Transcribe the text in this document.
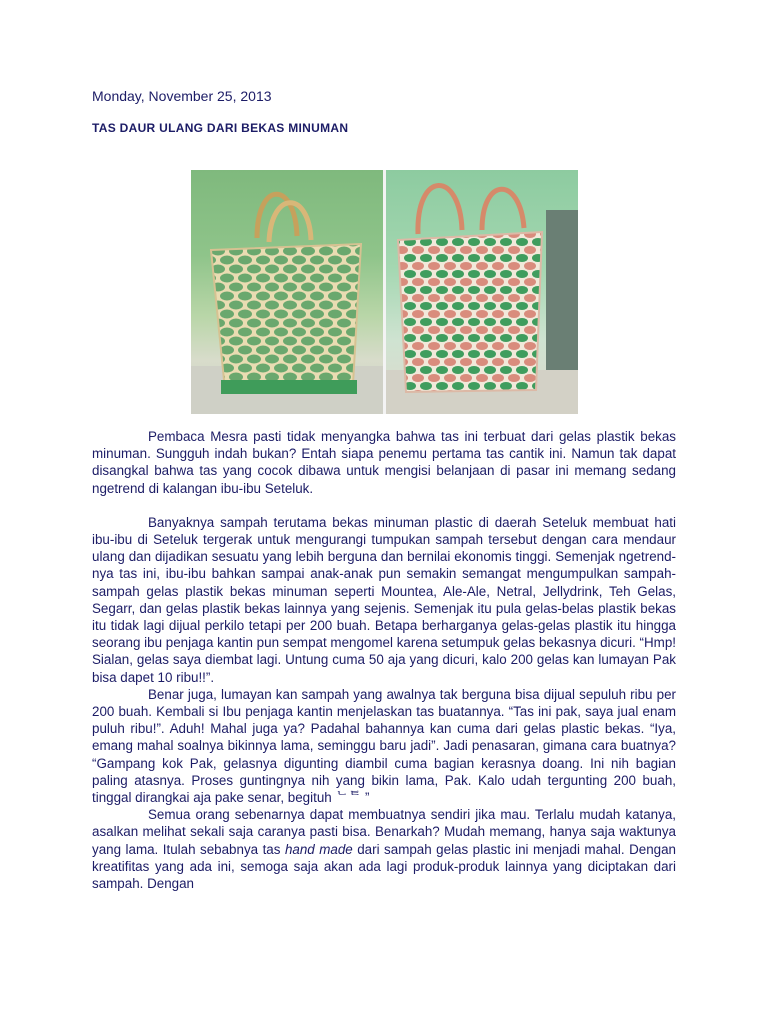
Monday, November 25, 2013
TAS DAUR ULANG DARI BEKAS MINUMAN

Pembaca Mesra pasti tidak menyangka bahwa tas ini terbuat dari gelas plastik bekas minuman. Sungguh indah bukan? Entah siapa penemu pertama tas cantik ini. Namun tak dapat disangkal bahwa tas yang cocok dibawa untuk mengisi belanjaan di pasar ini memang sedang ngetrend di kalangan ibu-ibu Seteluk.

Banyaknya sampah terutama bekas minuman plastic di daerah Seteluk membuat hati ibu-ibu di Seteluk tergerak untuk mengurangi tumpukan sampah tersebut dengan cara mendaur ulang dan dijadikan sesuatu yang lebih berguna dan bernilai ekonomis tinggi. Semenjak ngetrend-nya tas ini, ibu-ibu bahkan sampai anak-anak pun semakin semangat mengumpulkan sampah-sampah gelas plastik bekas minuman seperti Mountea, Ale-Ale, Netral, Jellydrink, Teh Gelas, Segarr, dan gelas plastik bekas lainnya yang sejenis. Semenjak itu pula gelas-belas plastik bekas itu tidak lagi dijual perkilo tetapi per 200 buah. Betapa berharganya gelas-gelas plastik itu hingga seorang ibu penjaga kantin pun sempat mengomel karena setumpuk gelas bekasnya dicuri. “Hmp! Sialan, gelas saya diembat lagi. Untung cuma 50 aja yang dicuri, kalo 200 gelas kan lumayan Pak bisa dapet 10 ribu!!”.

Benar juga, lumayan kan sampah yang awalnya tak berguna bisa dijual sepuluh ribu per 200 buah. Kembali si Ibu penjaga kantin menjelaskan tas buatannya. “Tas ini pak, saya jual enam puluh ribu!”. Aduh! Mahal juga ya? Padahal bahannya kan cuma dari gelas plastic bekas. “Iya, emang mahal soalnya bikinnya lama, seminggu baru jadi”. Jadi penasaran, gimana cara buatnya? “Gampang kok Pak, gelasnya digunting diambil cuma bagian kerasnya doang. Ini nih bagian paling atasnya. Proses guntingnya nih yang bikin lama, Pak. Kalo udah tergunting 200 buah, tinggal dirangkai aja pake senar, begituh ᄂᄐ ”

Semua orang sebenarnya dapat membuatnya sendiri jika mau. Terlalu mudah katanya, asalkan melihat sekali saja caranya pasti bisa. Benarkah? Mudah memang, hanya saja waktunya yang lama. Itulah sebabnya tas hand made dari sampah gelas plastic ini menjadi mahal. Dengan kreatifitas yang ada ini, semoga saja akan ada lagi produk-produk lainnya yang diciptakan dari sampah. Dengan
